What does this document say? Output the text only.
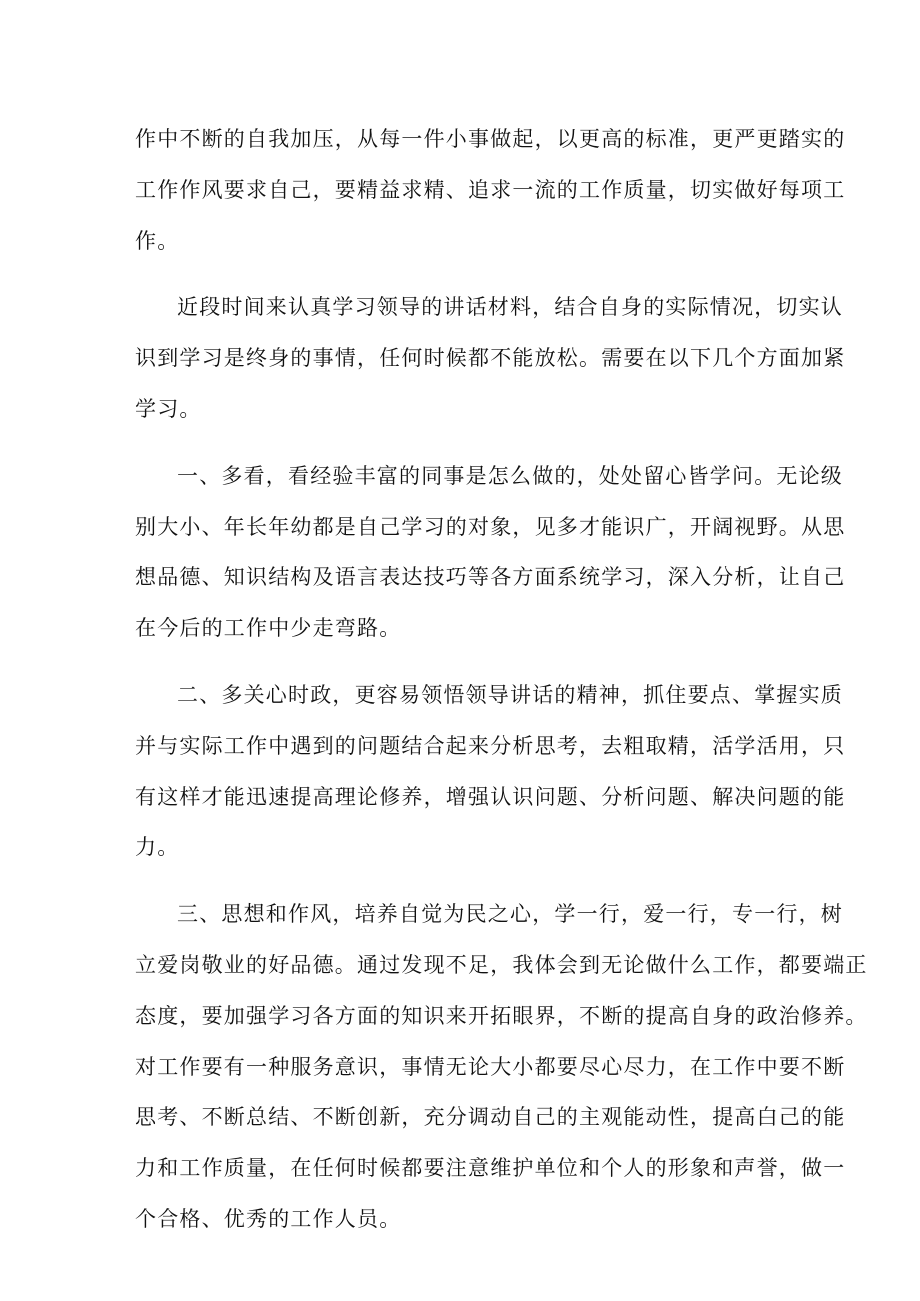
作中不断的自我加压，从每一件小事做起，以更高的标准，更严更踏实的
工作作风要求自己，要精益求精、追求一流的工作质量，切实做好每项工
作。
近段时间来认真学习领导的讲话材料，结合自身的实际情况，切实认
识到学习是终身的事情，任何时候都不能放松。需要在以下几个方面加紧
学习。
一、多看，看经验丰富的同事是怎么做的，处处留心皆学问。无论级
别大小、年长年幼都是自己学习的对象，见多才能识广，开阔视野。从思
想品德、知识结构及语言表达技巧等各方面系统学习，深入分析，让自己
在今后的工作中少走弯路。
二、多关心时政，更容易领悟领导讲话的精神，抓住要点、掌握实质
并与实际工作中遇到的问题结合起来分析思考，去粗取精，活学活用，只
有这样才能迅速提高理论修养，增强认识问题、分析问题、解决问题的能
力。
三、思想和作风，培养自觉为民之心，学一行，爱一行，专一行，树
立爱岗敬业的好品德。通过发现不足，我体会到无论做什么工作，都要端正
态度，要加强学习各方面的知识来开拓眼界，不断的提高自身的政治修养。
对工作要有一种服务意识，事情无论大小都要尽心尽力，在工作中要不断
思考、不断总结、不断创新，充分调动自己的主观能动性，提高白己的能
力和工作质量，在任何时候都要注意维护单位和个人的形象和声誉，做一
个合格、优秀的工作人员。
